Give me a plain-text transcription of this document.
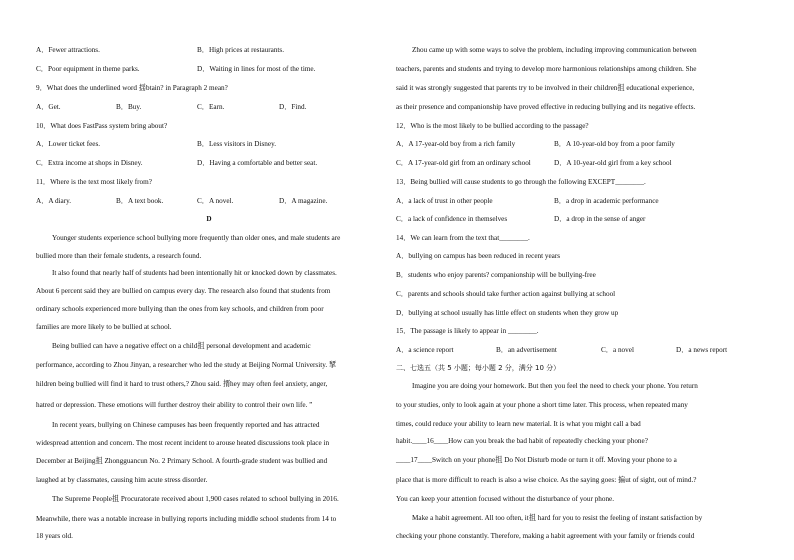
A．Fewer attractions.	B．High prices at restaurants.
C．Poor equipment in theme parks.	D．Waiting in lines for most of the time.
9．What does the underlined word 揺btain? in Paragraph 2 mean?
A．Get.	B．Buy.	C．Earn.	D．Find.
10．What does FastPass system bring about?
A．Lower ticket fees.	B．Less visitors in Disney.
C．Extra income at shops in Disney.	D．Having a comfortable and better seat.
11．Where is the text most likely from?
A．A diary.	B．A text book.	C．A novel.	D．A magazine.
D
Younger students experience school bullying more frequently than older ones, and male students are
bullied more than their female students, a research found.
It also found that nearly half of students had been intentionally hit or knocked down by classmates.
About 6 percent said they are bullied on campus every day. The research also found that students from
ordinary schools experienced more bullying than the ones from key schools, and children from poor
families are more likely to be bullied at school.
Being bullied can have a negative effect on a child抯 personal development and academic
performance, according to Zhou Jinyan, a researcher who led the study at Beijing Normal University. 揅
hildren being bullied will find it hard to trust others,? Zhou said. 揟hey may often feel anxiety, anger,
hatred or depression. These emotions will further destroy their ability to control their own life. ”
In recent years, bullying on Chinese campuses has been frequently reported and has attracted
widespread attention and concern. The most recent incident to arouse heated discussions took place in
December at Beijing抯 Zhongguancun No. 2 Primary School. A fourth-grade student was bullied and
laughed at by classmates, causing him acute stress disorder.
The Supreme People抯 Procuratorate received about 1,900 cases related to school bullying in 2016.
Meanwhile, there was a notable increase in bullying reports including middle school students from 14 to
18 years old.
Zhou came up with some ways to solve the problem, including improving communication between
teachers, parents and students and trying to develop more harmonious relationships among children. She
said it was strongly suggested that parents try to be involved in their children抯 educational experience,
as their presence and companionship have proved effective in reducing bullying and its negative effects.
12．Who is the most likely to be bullied according to the passage?
A．A 17-year-old boy from a rich family	B．A 10-year-old boy from a poor family
C．A 17-year-old girl from an ordinary school	D．A 10-year-old girl from a key school
13．Being bullied will cause students to go through the following EXCEPT________.
A．a lack of trust in other people	B．a drop in academic performance
C．a lack of confidence in themselves	D．a drop in the sense of anger
14．We can learn from the text that________.
A．bullying on campus has been reduced in recent years
B．students who enjoy parents? companionship will be bullying-free
C．parents and schools should take further action against bullying at school
D．bullying at school usually has little effect on students when they grow up
15．The passage is likely to appear in ________.
A．a science report	B．an advertisement	C．a novel	D．a news report
二、七选五（共 5 小题；每小题 2 分，满分 10 分）
Imagine you are doing your homework. But then you feel the need to check your phone. You return
to your studies, only to look again at your phone a short time later. This process, when repeated many
times, could reduce your ability to learn new material. It is what you might call a bad
habit.____16____How can you break the bad habit of repeatedly checking your phone?
____17____Switch on your phone抯 Do Not Disturb mode or turn it off. Moving your phone to a
place that is more difficult to reach is also a wise choice. As the saying goes: 揙ut of sight, out of mind.?
You can keep your attention focused without the disturbance of your phone.
Make a habit agreement. All too often, it抯 hard for you to resist the feeling of instant satisfaction by
checking your phone constantly. Therefore, making a habit agreement with your family or friends could
